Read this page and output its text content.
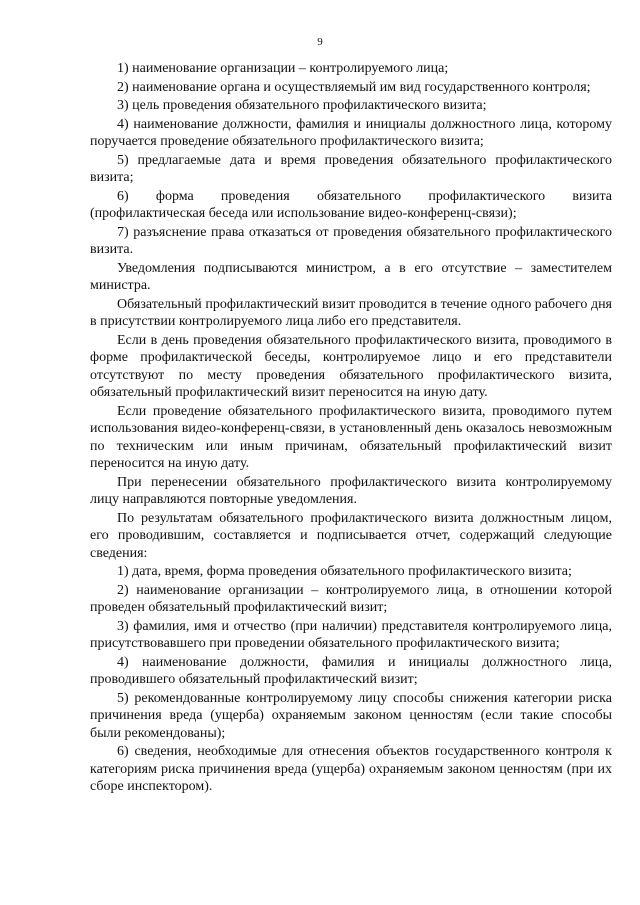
9

1) наименование организации – контролируемого лица;

2) наименование органа и осуществляемый им вид государственного контроля;

3) цель проведения обязательного профилактического визита;

4) наименование должности, фамилия и инициалы должностного лица, которому поручается проведение обязательного профилактического визита;

5) предлагаемые дата и время проведения обязательного профилактического визита;

6) форма проведения обязательного профилактического визита (профилактическая беседа или использование видео-конференц-связи);

7) разъяснение права отказаться от проведения обязательного профилактического визита.

Уведомления подписываются министром, а в его отсутствие – заместителем министра.

Обязательный профилактический визит проводится в течение одного рабочего дня в присутствии контролируемого лица либо его представителя.

Если в день проведения обязательного профилактического визита, проводимого в форме профилактической беседы, контролируемое лицо и его представители отсутствуют по месту проведения обязательного профилактического визита, обязательный профилактический визит переносится на иную дату.

Если проведение обязательного профилактического визита, проводимого путем использования видео-конференц-связи, в установленный день оказалось невозможным по техническим или иным причинам, обязательный профилактический визит переносится на иную дату.

При перенесении обязательного профилактического визита контролируемому лицу направляются повторные уведомления.

По результатам обязательного профилактического визита должностным лицом, его проводившим, составляется и подписывается отчет, содержащий следующие сведения:

1) дата, время, форма проведения обязательного профилактического визита;

2) наименование организации – контролируемого лица, в отношении которой проведен обязательный профилактический визит;

3) фамилия, имя и отчество (при наличии) представителя контролируемого лица, присутствовавшего при проведении обязательного профилактического визита;

4) наименование должности, фамилия и инициалы должностного лица, проводившего обязательный профилактический визит;

5) рекомендованные контролируемому лицу способы снижения категории риска причинения вреда (ущерба) охраняемым законом ценностям (если такие способы были рекомендованы);

6) сведения, необходимые для отнесения объектов государственного контроля к категориям риска причинения вреда (ущерба) охраняемым законом ценностям (при их сборе инспектором).
